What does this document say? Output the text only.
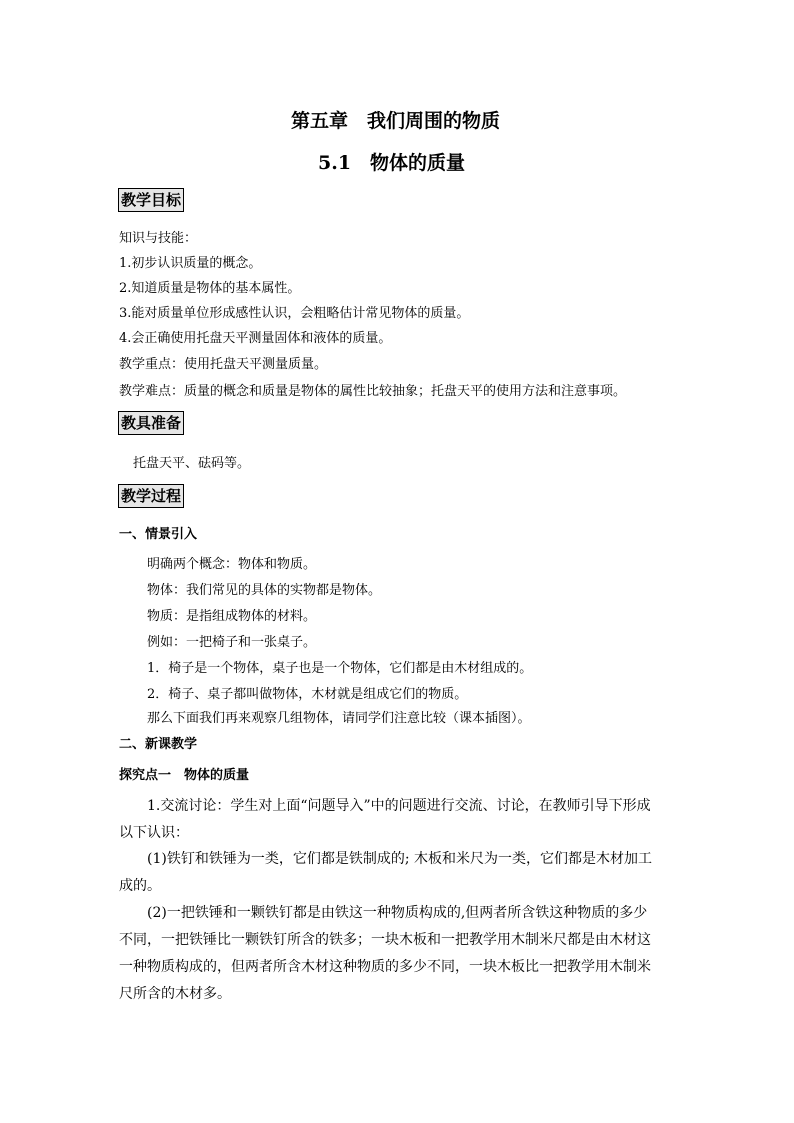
第五章　我们周围的物质
5.1　物体的质量
教学目标
知识与技能：
1.初步认识质量的概念。
2.知道质量是物体的基本属性。
3.能对质量单位形成感性认识，会粗略估计常见物体的质量。
4.会正确使用托盘天平测量固体和液体的质量。
教学重点：使用托盘天平测量质量。
教学难点：质量的概念和质量是物体的属性比较抽象；托盘天平的使用方法和注意事项。
教具准备
托盘天平、砝码等。
教学过程
一、情景引入
明确两个概念：物体和物质。
物体：我们常见的具体的实物都是物体。
物质：是指组成物体的材料。
例如：一把椅子和一张桌子。
1．椅子是一个物体，桌子也是一个物体，它们都是由木材组成的。
2．椅子、桌子都叫做物体，木材就是组成它们的物质。
那么下面我们再来观察几组物体，请同学们注意比较（课本插图）。
二、新课教学
探究点一　物体的质量
1.交流讨论：学生对上面“问题导入”中的问题进行交流、讨论，在教师引导下形成
以下认识：
(1)铁钉和铁锤为一类，它们都是铁制成的; 木板和米尺为一类，它们都是木材加工
成的。
(2)一把铁锤和一颗铁钉都是由铁这一种物质构成的,但两者所含铁这种物质的多少
不同，一把铁锤比一颗铁钉所含的铁多；一块木板和一把教学用木制米尺都是由木材这
一种物质构成的，但两者所含木材这种物质的多少不同，一块木板比一把教学用木制米
尺所含的木材多。
